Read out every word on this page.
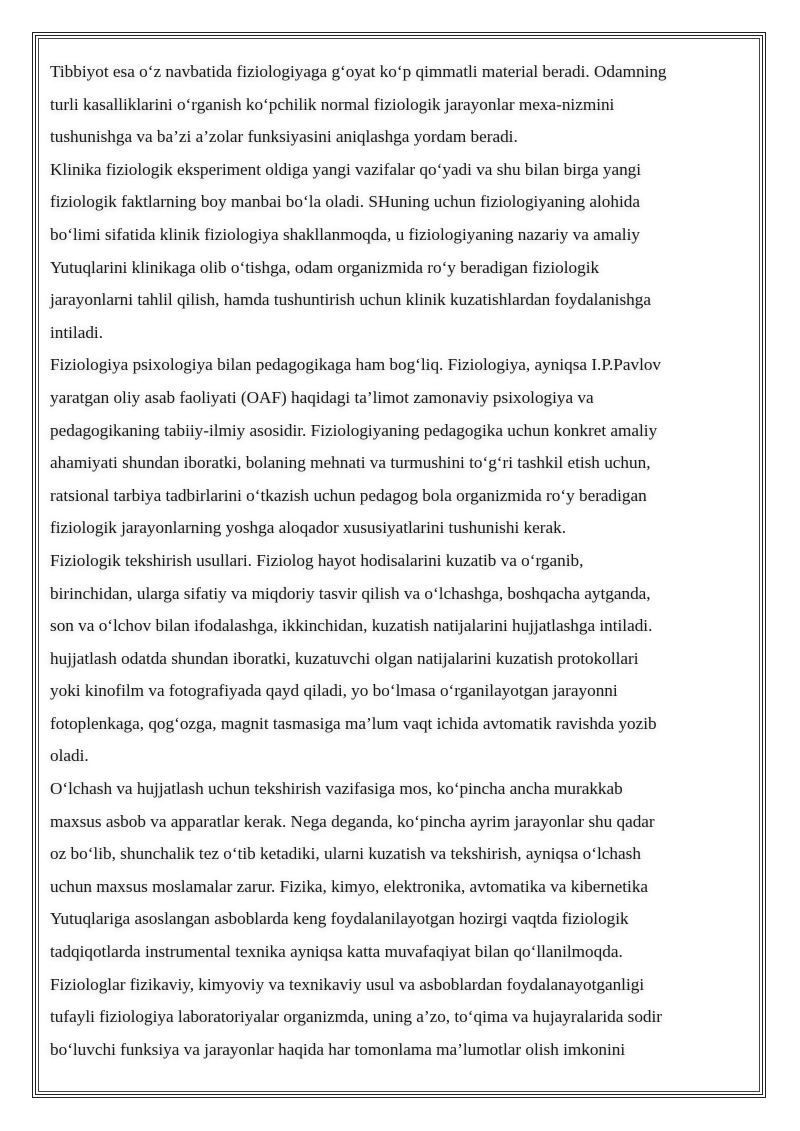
Tibbiyot esa o‘z navbatida fiziologiyaga g‘oyat ko‘p qimmatli material beradi. Odamning
turli kasalliklarini o‘rganish ko‘pchilik normal fiziologik jarayonlar mexa-nizmini
tushunishga va ba’zi a’zolar funksiyasini aniqlashga yordam beradi.
Klinika fiziologik eksperiment oldiga yangi vazifalar qo‘yadi va shu bilan birga yangi
fiziologik faktlarning boy manbai bo‘la oladi. SHuning uchun fiziologiyaning alohida
bo‘limi sifatida klinik fiziologiya shakllanmoqda, u fiziologiyaning nazariy va amaliy
Yutuqlarini klinikaga olib o‘tishga, odam organizmida ro‘y beradigan fiziologik
jarayonlarni tahlil qilish, hamda tushuntirish uchun klinik kuzatishlardan foydalanishga
intiladi.
Fiziologiya psixologiya bilan pedagogikaga ham bog‘liq. Fiziologiya, ayniqsa I.P.Pavlov
yaratgan oliy asab faoliyati (OAF) haqidagi ta’limot zamonaviy psixologiya va
pedagogikaning tabiiy-ilmiy asosidir. Fiziologiyaning pedagogika uchun konkret amaliy
ahamiyati shundan iboratki, bolaning mehnati va turmushini to‘g‘ri tashkil etish uchun,
ratsional tarbiya tadbirlarini o‘tkazish uchun pedagog bola organizmida ro‘y beradigan
fiziologik jarayonlarning yoshga aloqador xususiyatlarini tushunishi kerak.
Fiziologik tekshirish usullari. Fiziolog hayot hodisalarini kuzatib va o‘rganib,
birinchidan, ularga sifatiy va miqdoriy tasvir qilish va o‘lchashga, boshqacha aytganda,
son va o‘lchov bilan ifodalashga, ikkinchidan, kuzatish natijalarini hujjatlashga intiladi.
hujjatlash odatda shundan iboratki, kuzatuvchi olgan natijalarini kuzatish protokollari
yoki kinofilm va fotografiyada qayd qiladi, yo bo‘lmasa o‘rganilayotgan jarayonni
fotoplenkaga, qog‘ozga, magnit tasmasiga ma’lum vaqt ichida avtomatik ravishda yozib
oladi.
O‘lchash va hujjatlash uchun tekshirish vazifasiga mos, ko‘pincha ancha murakkab
maxsus asbob va apparatlar kerak. Nega deganda, ko‘pincha ayrim jarayonlar shu qadar
oz bo‘lib, shunchalik tez o‘tib ketadiki, ularni kuzatish va tekshirish, ayniqsa o‘lchash
uchun maxsus moslamalar zarur. Fizika, kimyo, elektronika, avtomatika va kibernetika
Yutuqlariga asoslangan asboblarda keng foydalanilayotgan hozirgi vaqtda fiziologik
tadqiqotlarda instrumental texnika ayniqsa katta muvafaqiyat bilan qo‘llanilmoqda.
Fiziologlar fizikaviy, kimyoviy va texnikaviy usul va asboblardan foydalanayotganligi
tufayli fiziologiya laboratoriyalar organizmda, uning a’zo, to‘qima va hujayralarida sodir
bo‘luvchi funksiya va jarayonlar haqida har tomonlama ma’lumotlar olish imkonini
